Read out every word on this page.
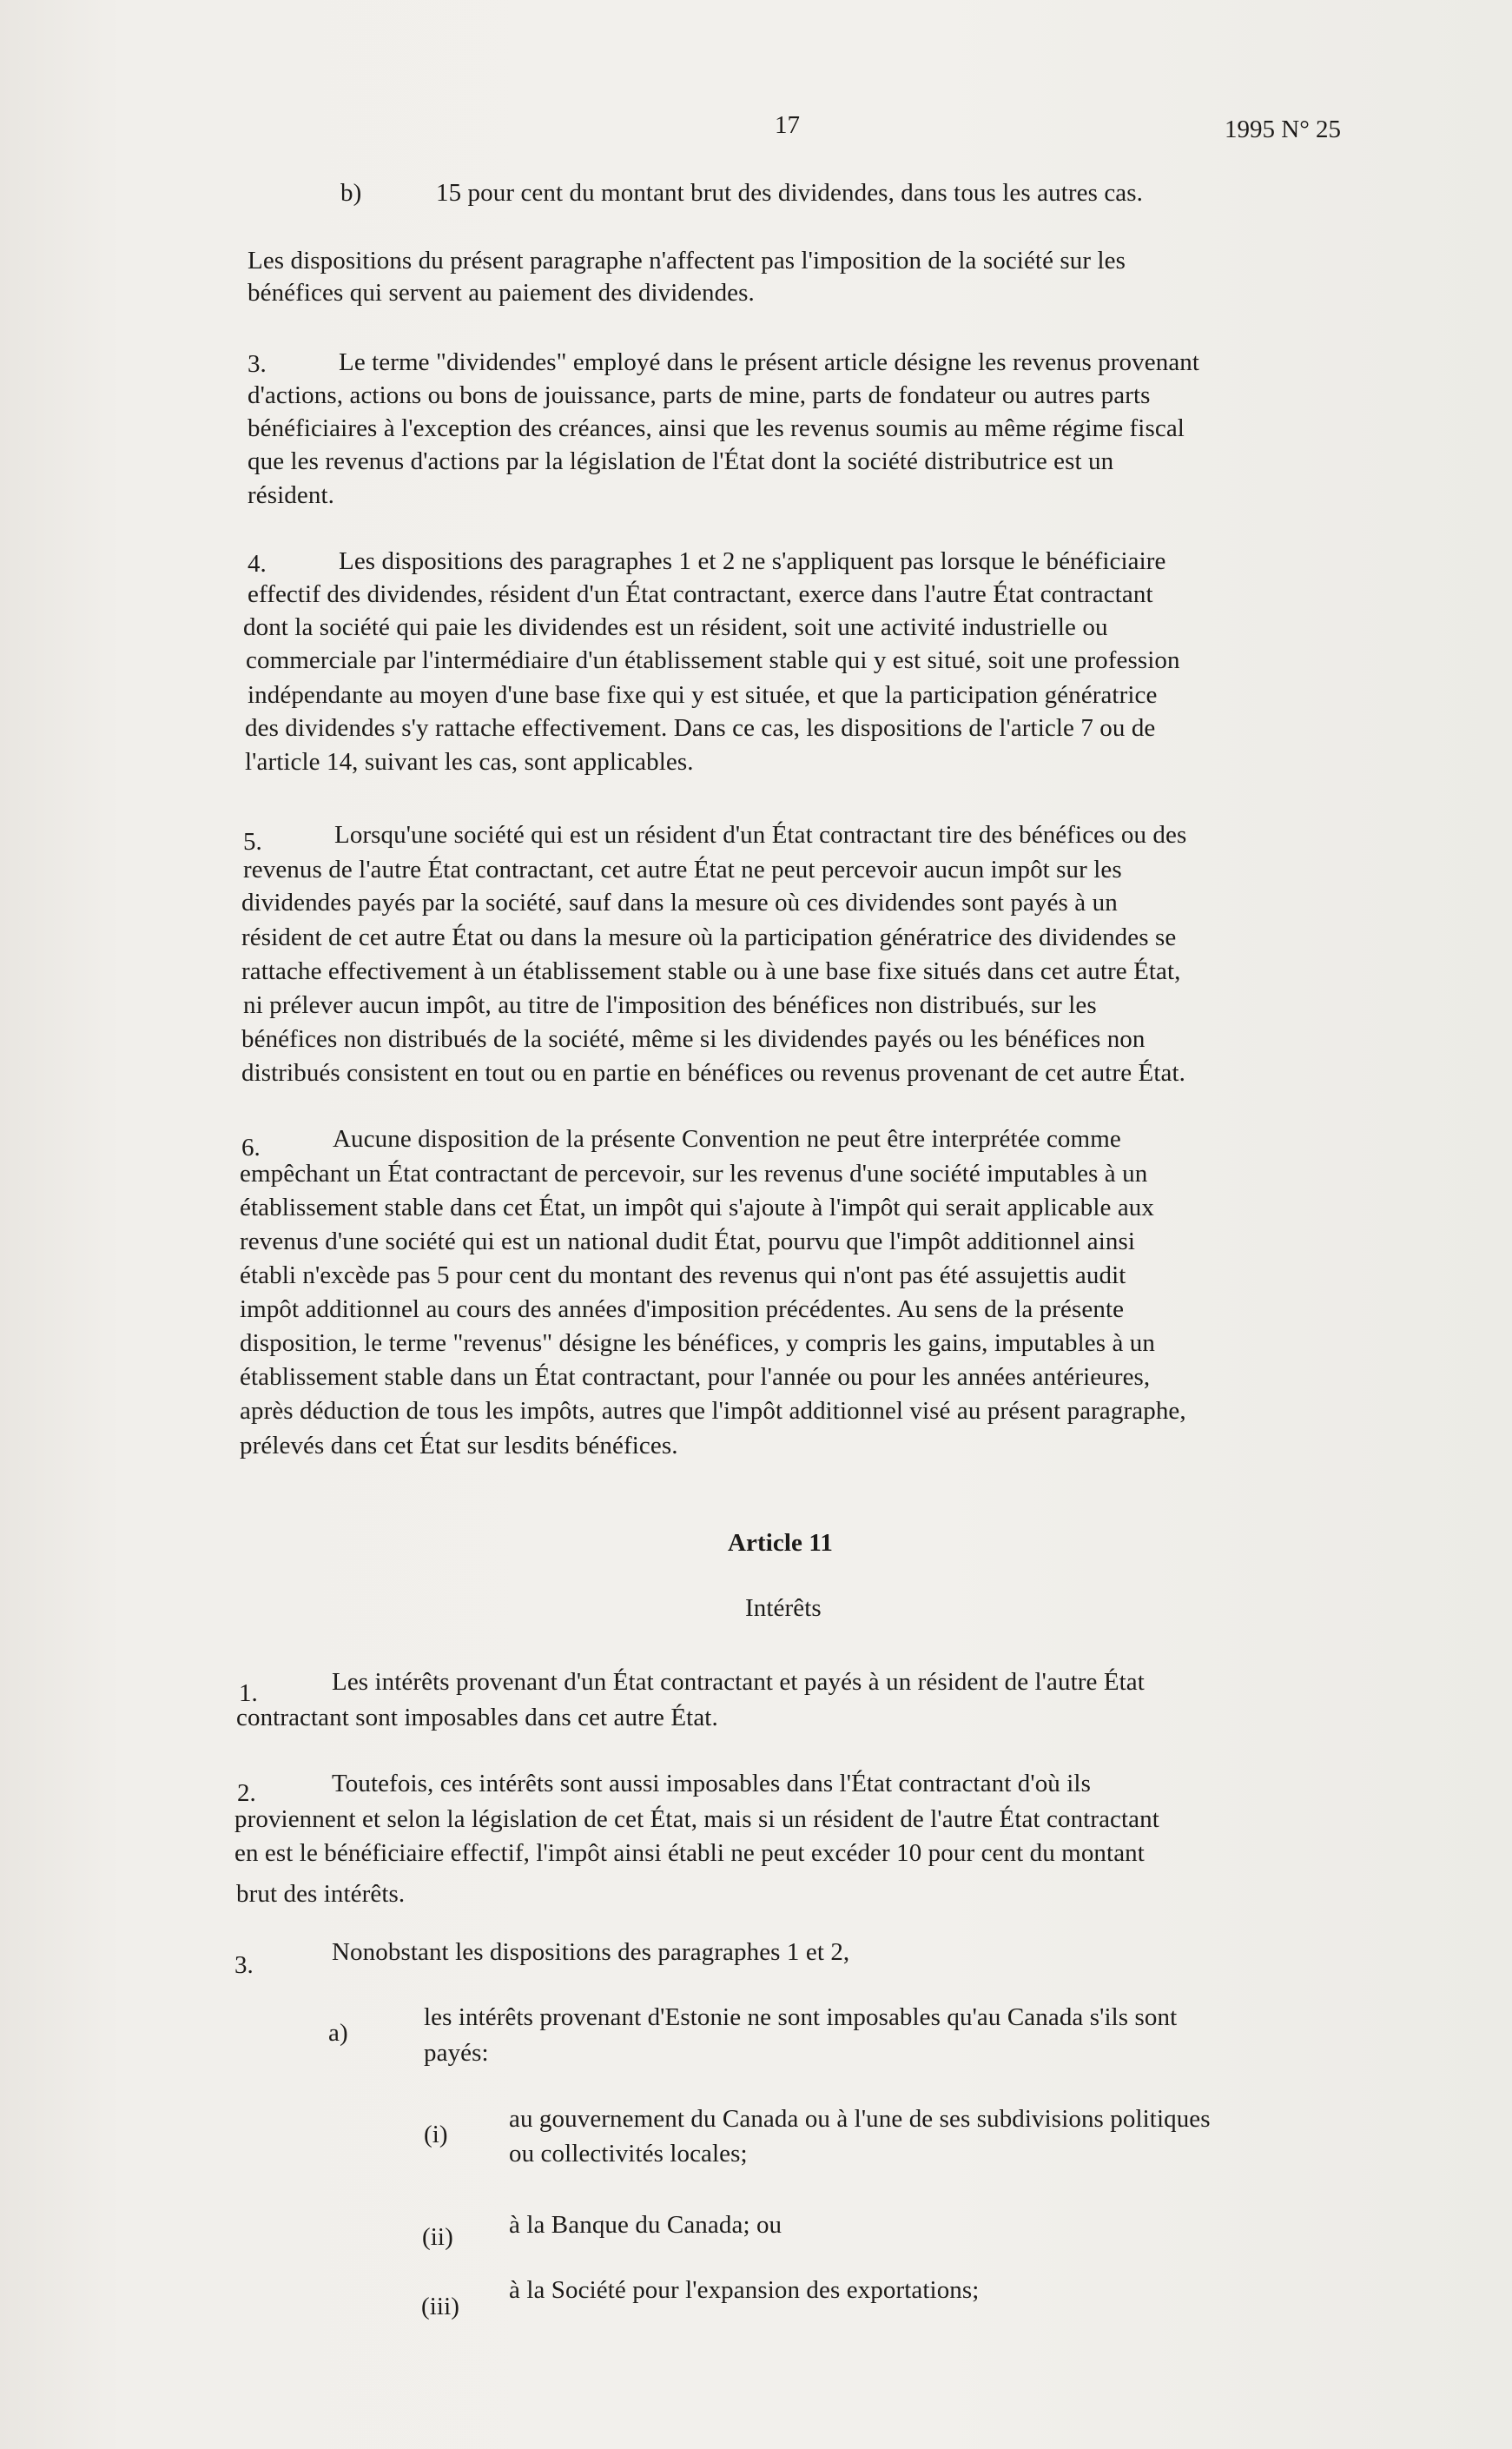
17	1995 N° 25
b)	15 pour cent du montant brut des dividendes, dans tous les autres cas.
Les dispositions du présent paragraphe n'affectent pas l'imposition de la société sur les
bénéfices qui servent au paiement des dividendes.
3.	Le terme "dividendes" employé dans le présent article désigne les revenus provenant
d'actions, actions ou bons de jouissance, parts de mine, parts de fondateur ou autres parts
bénéficiaires à l'exception des créances, ainsi que les revenus soumis au même régime fiscal
que les revenus d'actions par la législation de l'État dont la société distributrice est un
résident.
4.	Les dispositions des paragraphes 1 et 2 ne s'appliquent pas lorsque le bénéficiaire
effectif des dividendes, résident d'un État contractant, exerce dans l'autre État contractant
dont la société qui paie les dividendes est un résident, soit une activité industrielle ou
commerciale par l'intermédiaire d'un établissement stable qui y est situé, soit une profession
indépendante au moyen d'une base fixe qui y est située, et que la participation génératrice
des dividendes s'y rattache effectivement. Dans ce cas, les dispositions de l'article 7 ou de
l'article 14, suivant les cas, sont applicables.
5.	Lorsqu'une société qui est un résident d'un État contractant tire des bénéfices ou des
revenus de l'autre État contractant, cet autre État ne peut percevoir aucun impôt sur les
dividendes payés par la société, sauf dans la mesure où ces dividendes sont payés à un
résident de cet autre État ou dans la mesure où la participation génératrice des dividendes se
rattache effectivement à un établissement stable ou à une base fixe situés dans cet autre État,
ni prélever aucun impôt, au titre de l'imposition des bénéfices non distribués, sur les
bénéfices non distribués de la société, même si les dividendes payés ou les bénéfices non
distribués consistent en tout ou en partie en bénéfices ou revenus provenant de cet autre État.
6.	Aucune disposition de la présente Convention ne peut être interprétée comme
empêchant un État contractant de percevoir, sur les revenus d'une société imputables à un
établissement stable dans cet État, un impôt qui s'ajoute à l'impôt qui serait applicable aux
revenus d'une société qui est un national dudit État, pourvu que l'impôt additionnel ainsi
établi n'excède pas 5 pour cent du montant des revenus qui n'ont pas été assujettis audit
impôt additionnel au cours des années d'imposition précédentes. Au sens de la présente
disposition, le terme "revenus" désigne les bénéfices, y compris les gains, imputables à un
établissement stable dans un État contractant, pour l'année ou pour les années antérieures,
après déduction de tous les impôts, autres que l'impôt additionnel visé au présent paragraphe,
prélevés dans cet État sur lesdits bénéfices.
Article 11
Intérêts
1.	Les intérêts provenant d'un État contractant et payés à un résident de l'autre État
contractant sont imposables dans cet autre État.
2.	Toutefois, ces intérêts sont aussi imposables dans l'État contractant d'où ils
proviennent et selon la législation de cet État, mais si un résident de l'autre État contractant
en est le bénéficiaire effectif, l'impôt ainsi établi ne peut excéder 10 pour cent du montant
brut des intérêts.
3.	Nonobstant les dispositions des paragraphes 1 et 2,
a)
les intérêts provenant d'Estonie ne sont imposables qu'au Canada s'ils sont
payés:
(i)
au gouvernement du Canada ou à l'une de ses subdivisions politiques
ou collectivités locales;
(ii) à la Banque du Canada; ou
(iii)
à la Société pour l'expansion des exportations;
